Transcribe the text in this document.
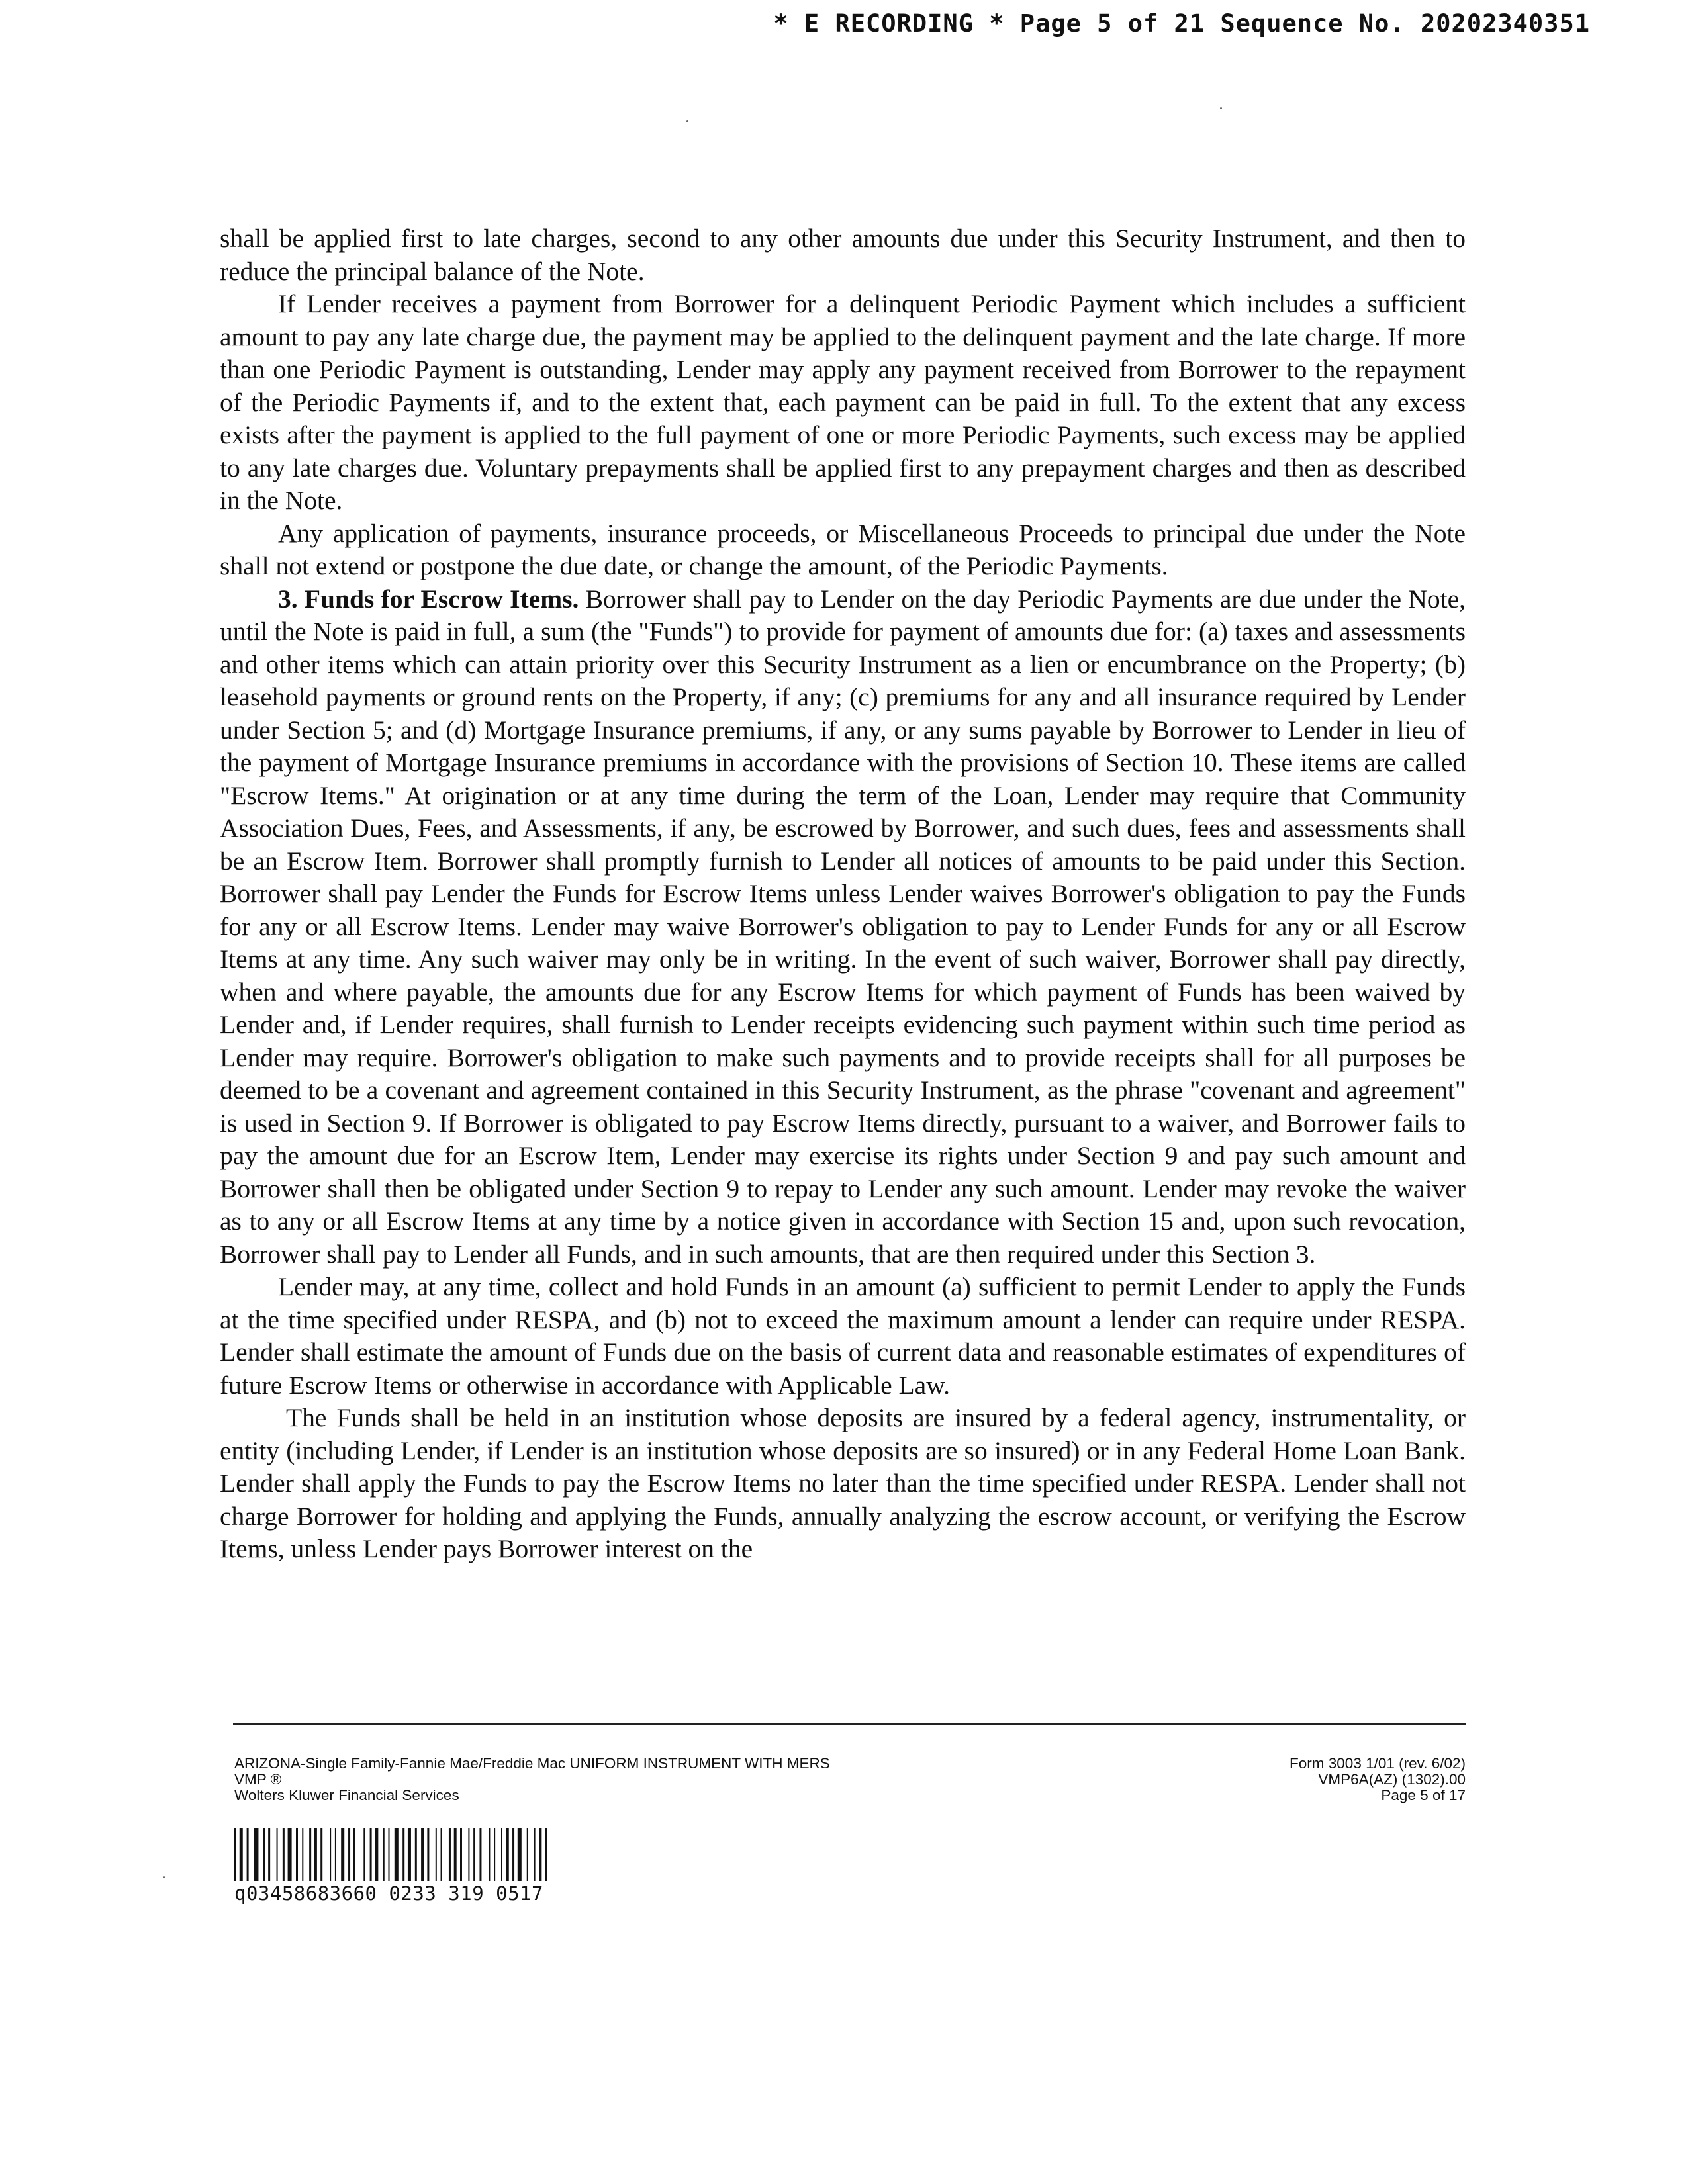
* E RECORDING * Page 5 of 21 Sequence No. 20202340351

shall be applied first to late charges, second to any other amounts due under this Security Instrument, and then to reduce the principal balance of the Note.

If Lender receives a payment from Borrower for a delinquent Periodic Payment which includes a sufficient amount to pay any late charge due, the payment may be applied to the delinquent payment and the late charge. If more than one Periodic Payment is outstanding, Lender may apply any payment received from Borrower to the repayment of the Periodic Payments if, and to the extent that, each payment can be paid in full. To the extent that any excess exists after the payment is applied to the full payment of one or more Periodic Payments, such excess may be applied to any late charges due. Voluntary prepayments shall be applied first to any prepayment charges and then as described in the Note.

Any application of payments, insurance proceeds, or Miscellaneous Proceeds to principal due under the Note shall not extend or postpone the due date, or change the amount, of the Periodic Payments.

3. Funds for Escrow Items. Borrower shall pay to Lender on the day Periodic Payments are due under the Note, until the Note is paid in full, a sum (the "Funds") to provide for payment of amounts due for: (a) taxes and assessments and other items which can attain priority over this Security Instrument as a lien or encumbrance on the Property; (b) leasehold payments or ground rents on the Property, if any; (c) premiums for any and all insurance required by Lender under Section 5; and (d) Mortgage Insurance premiums, if any, or any sums payable by Borrower to Lender in lieu of the payment of Mortgage Insurance premiums in accordance with the provisions of Section 10. These items are called "Escrow Items." At origination or at any time during the term of the Loan, Lender may require that Community Association Dues, Fees, and Assessments, if any, be escrowed by Borrower, and such dues, fees and assessments shall be an Escrow Item. Borrower shall promptly furnish to Lender all notices of amounts to be paid under this Section. Borrower shall pay Lender the Funds for Escrow Items unless Lender waives Borrower's obligation to pay the Funds for any or all Escrow Items. Lender may waive Borrower's obligation to pay to Lender Funds for any or all Escrow Items at any time. Any such waiver may only be in writing. In the event of such waiver, Borrower shall pay directly, when and where payable, the amounts due for any Escrow Items for which payment of Funds has been waived by Lender and, if Lender requires, shall furnish to Lender receipts evidencing such payment within such time period as Lender may require. Borrower's obligation to make such payments and to provide receipts shall for all purposes be deemed to be a covenant and agreement contained in this Security Instrument, as the phrase "covenant and agreement" is used in Section 9. If Borrower is obligated to pay Escrow Items directly, pursuant to a waiver, and Borrower fails to pay the amount due for an Escrow Item, Lender may exercise its rights under Section 9 and pay such amount and Borrower shall then be obligated under Section 9 to repay to Lender any such amount. Lender may revoke the waiver as to any or all Escrow Items at any time by a notice given in accordance with Section 15 and, upon such revocation, Borrower shall pay to Lender all Funds, and in such amounts, that are then required under this Section 3.

Lender may, at any time, collect and hold Funds in an amount (a) sufficient to permit Lender to apply the Funds at the time specified under RESPA, and (b) not to exceed the maximum amount a lender can require under RESPA. Lender shall estimate the amount of Funds due on the basis of current data and reasonable estimates of expenditures of future Escrow Items or otherwise in accordance with Applicable Law.

The Funds shall be held in an institution whose deposits are insured by a federal agency, instrumentality, or entity (including Lender, if Lender is an institution whose deposits are so insured) or in any Federal Home Loan Bank. Lender shall apply the Funds to pay the Escrow Items no later than the time specified under RESPA. Lender shall not charge Borrower for holding and applying the Funds, annually analyzing the escrow account, or verifying the Escrow Items, unless Lender pays Borrower interest on the

ARIZONA-Single Family-Fannie Mae/Freddie Mac UNIFORM INSTRUMENT WITH MERS
VMP ®
Wolters Kluwer Financial Services
Form 3003 1/01 (rev. 6/02)
VMP6A(AZ) (1302).00
Page 5 of 17
q03458683660 0233 319 0517
